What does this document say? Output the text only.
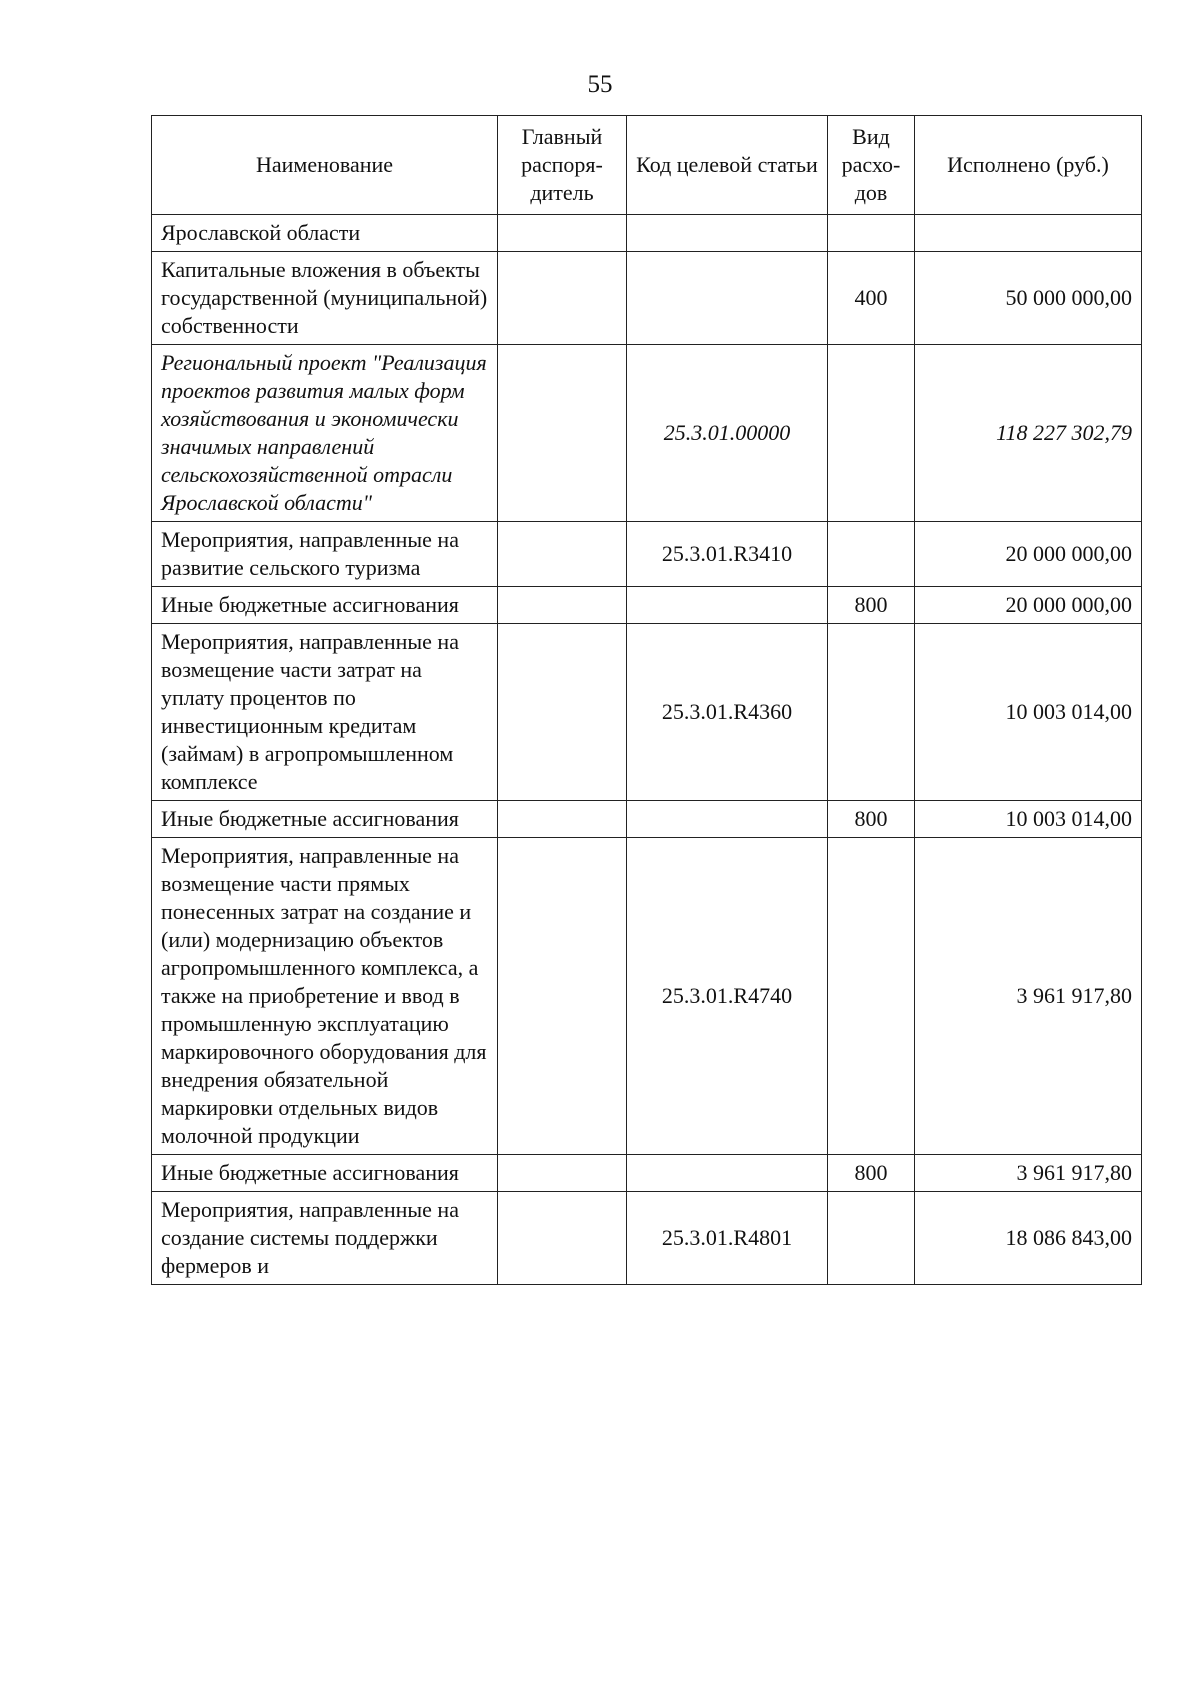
55
Наименование	Главный распоря-дитель	Код целевой статьи	Вид расхо-дов	Исполнено (руб.)
Ярославской области				
Капитальные вложения в объекты государственной (муниципальной) собственности			400	50 000 000,00
Региональный проект "Реализация проектов развития малых форм хозяйствования и экономически значимых направлений сельскохозяйственной отрасли Ярославской области"		25.3.01.00000		118 227 302,79
Мероприятия, направленные на развитие сельского туризма		25.3.01.R3410		20 000 000,00
Иные бюджетные ассигнования			800	20 000 000,00
Мероприятия, направленные на возмещение части затрат на уплату процентов по инвестиционным кредитам (займам) в агропромышленном комплексе		25.3.01.R4360		10 003 014,00
Иные бюджетные ассигнования			800	10 003 014,00
Мероприятия, направленные на возмещение части прямых понесенных затрат на создание и (или) модернизацию объектов агропромышленного комплекса, а также на приобретение и ввод в промышленную эксплуатацию маркировочного оборудования для внедрения обязательной маркировки отдельных видов молочной продукции		25.3.01.R4740		3 961 917,80
Иные бюджетные ассигнования			800	3 961 917,80
Мероприятия, направленные на создание системы поддержки фермеров и		25.3.01.R4801		18 086 843,00
